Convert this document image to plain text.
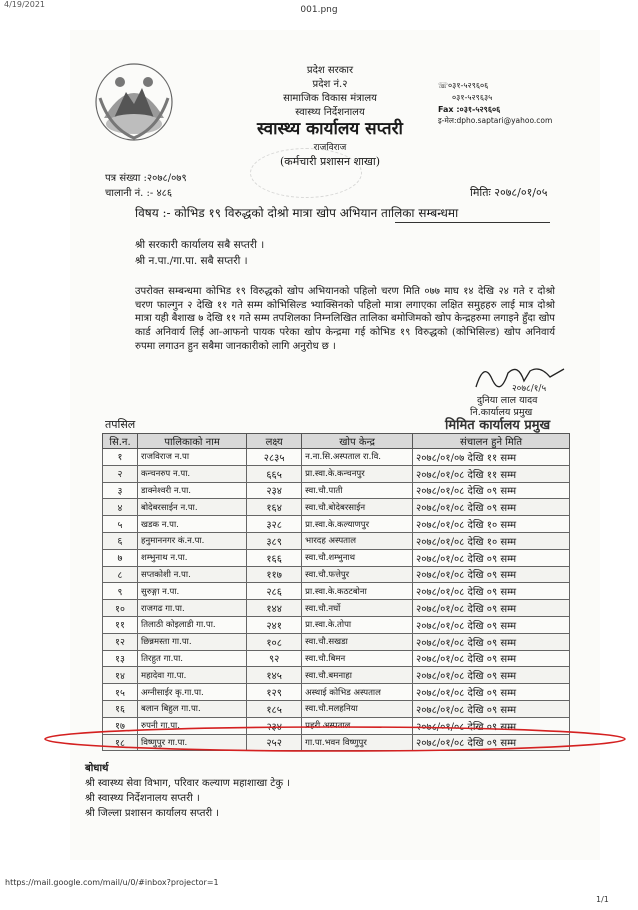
4/19/2021
001.png
प्रदेश सरकार
प्रदेश नं.२
सामाजिक विकास मंत्रालय
स्वास्थ्य निर्देशनालय
स्वास्थ्य कार्यालय सप्तरी
राजविराज
(कर्मचारी प्रशासन शाखा)
☏०३१-५२९६०६
०३१-५२९६३५
Fax :०३१-५२९६०६
इ-मेल:dpho.saptari@yahoo.com
पत्र संख्या :२०७८/०७९
चालानी नं. :- ४८६	मितिः २०७८/०१/०५
विषय :- कोभिड १९ विरुद्धको दोश्रो मात्रा खोप अभियान तालिका सम्बन्धमा
श्री सरकारी कार्यालय सबै सप्तरी ।
श्री न.पा./गा.पा. सबै सप्तरी ।
उपरोक्त सम्बन्धमा कोभिड १९ विरुद्धको खोप अभियानको पहिलो चरण मिति ०७७ माघ १४ देखि २४ गते र दोश्रो चरण फाल्गुन २ देखि ११ गते सम्म कोभिसिल्ड भ्याक्सिनको पहिलो मात्रा लगाएका लक्षित समुहहरु लाई मात्र दोश्रो मात्रा यही बैशाख ७ देखि ११ गते सम्म तपशिलका निम्नलिखित तालिका बमोजिमको खोप केन्द्रहरुमा लगाइने हुँदा खोप कार्ड अनिवार्य लिई आ-आफनो पायक परेका खोप केन्द्रमा गई कोभिड १९ विरुद्धको (कोभिसिल्ड) खोप अनिवार्य रुपमा लगाउन हुन सबैमा जानकारीको लागि अनुरोध छ ।
२०७८/१/५
दुनिया लाल यादव
नि.कार्यालय प्रमुख
मिमित कार्यालय प्रमुख
तपसिल
सि.न.	पालिकाको नाम	लक्ष्य	खोप केन्द्र	संचालन हुने मिति
१	राजविराज न.पा	२८३५	न.ना.सि.अस्पताल रा.वि.	२०७८/०१/०७ देखि ११ सम्म
२	कन्चनरुप न.पा.	६६५	प्रा.स्वा.के.कन्चनपुर	२०७८/०१/०८ देखि ११ सम्म
३	डाक्नेश्वरी न.पा.	२३४	स्वा.चौ.पाती	२०७८/०१/०८ देखि ०९ सम्म
४	बोदेबरसाईन न.पा.	१६४	स्वा.चौ.बोदेबरसाईन	२०७८/०१/०८ देखि ०९ सम्म
५	खडक न.पा.	३२८	प्रा.स्वा.के.कल्याणपुर	२०७८/०१/०८ देखि १० सम्म
६	हनुमाननगर कं.न.पा.	३८९	भारदह अस्पताल	२०७८/०१/०८ देखि १० सम्म
७	शम्भुनाथ न.पा.	१६६	स्वा.चौ.शम्भुनाथ	२०७८/०१/०८ देखि ०९ सम्म
८	सप्तकोशी न.पा.	११७	स्वा.चौ.फत्तेपुर	२०७८/०१/०८ देखि ०९ सम्म
९	सुरुङ्गा न.पा.	२८६	प्रा.स्वा.के.कठटबोना	२०७८/०१/०८ देखि ०९ सम्म
१०	राजगढ गा.पा.	१४४	स्वा.चौ.नर्घो	२०७८/०१/०८ देखि ०९ सम्म
११	तिलाठी कोइलाडी गा.पा.	२४१	प्रा.स्वा.के.तोपा	२०७८/०१/०८ देखि ०९ सम्म
१२	छिन्नमस्ता गा.पा.	१०८	स्वा.चौ.सखडा	२०७८/०१/०८ देखि ०९ सम्म
१३	तिरहुत गा.पा.	९२	स्वा.चौ.बिमन	२०७८/०१/०८ देखि ०९ सम्म
१४	महादेवा गा.पा.	१४५	स्वा.चौ.बमनाहा	२०७८/०१/०८ देखि ०९ सम्म
१५	अग्नीसाईर कृ.गा.पा.	१२९	अस्थाई कोभिड अस्पताल	२०७८/०१/०८ देखि ०९ सम्म
१६	बलान बिहुल गा.पा.	१८५	स्वा.चौ.मलहनिया	२०७८/०१/०८ देखि ०९ सम्म
१७	रुपनी गा.पा.	२३४	प्रहरी अस्पताल	२०७८/०१/०८ देखि ०९ सम्म
१८	विष्णुपुर गा.पा.	२५२	गा.पा.भवन विष्णुपुर	२०७८/०१/०८ देखि ०९ सम्म
बोधार्थ
श्री स्वास्थ्य सेवा विभाग, परिवार कल्याण महाशाखा टेकु ।
श्री स्वास्थ्य निर्देशनालय सप्तरी ।
श्री जिल्ला प्रशासन कार्यालय सप्तरी ।
https://mail.google.com/mail/u/0/#inbox?projector=1
1/1
